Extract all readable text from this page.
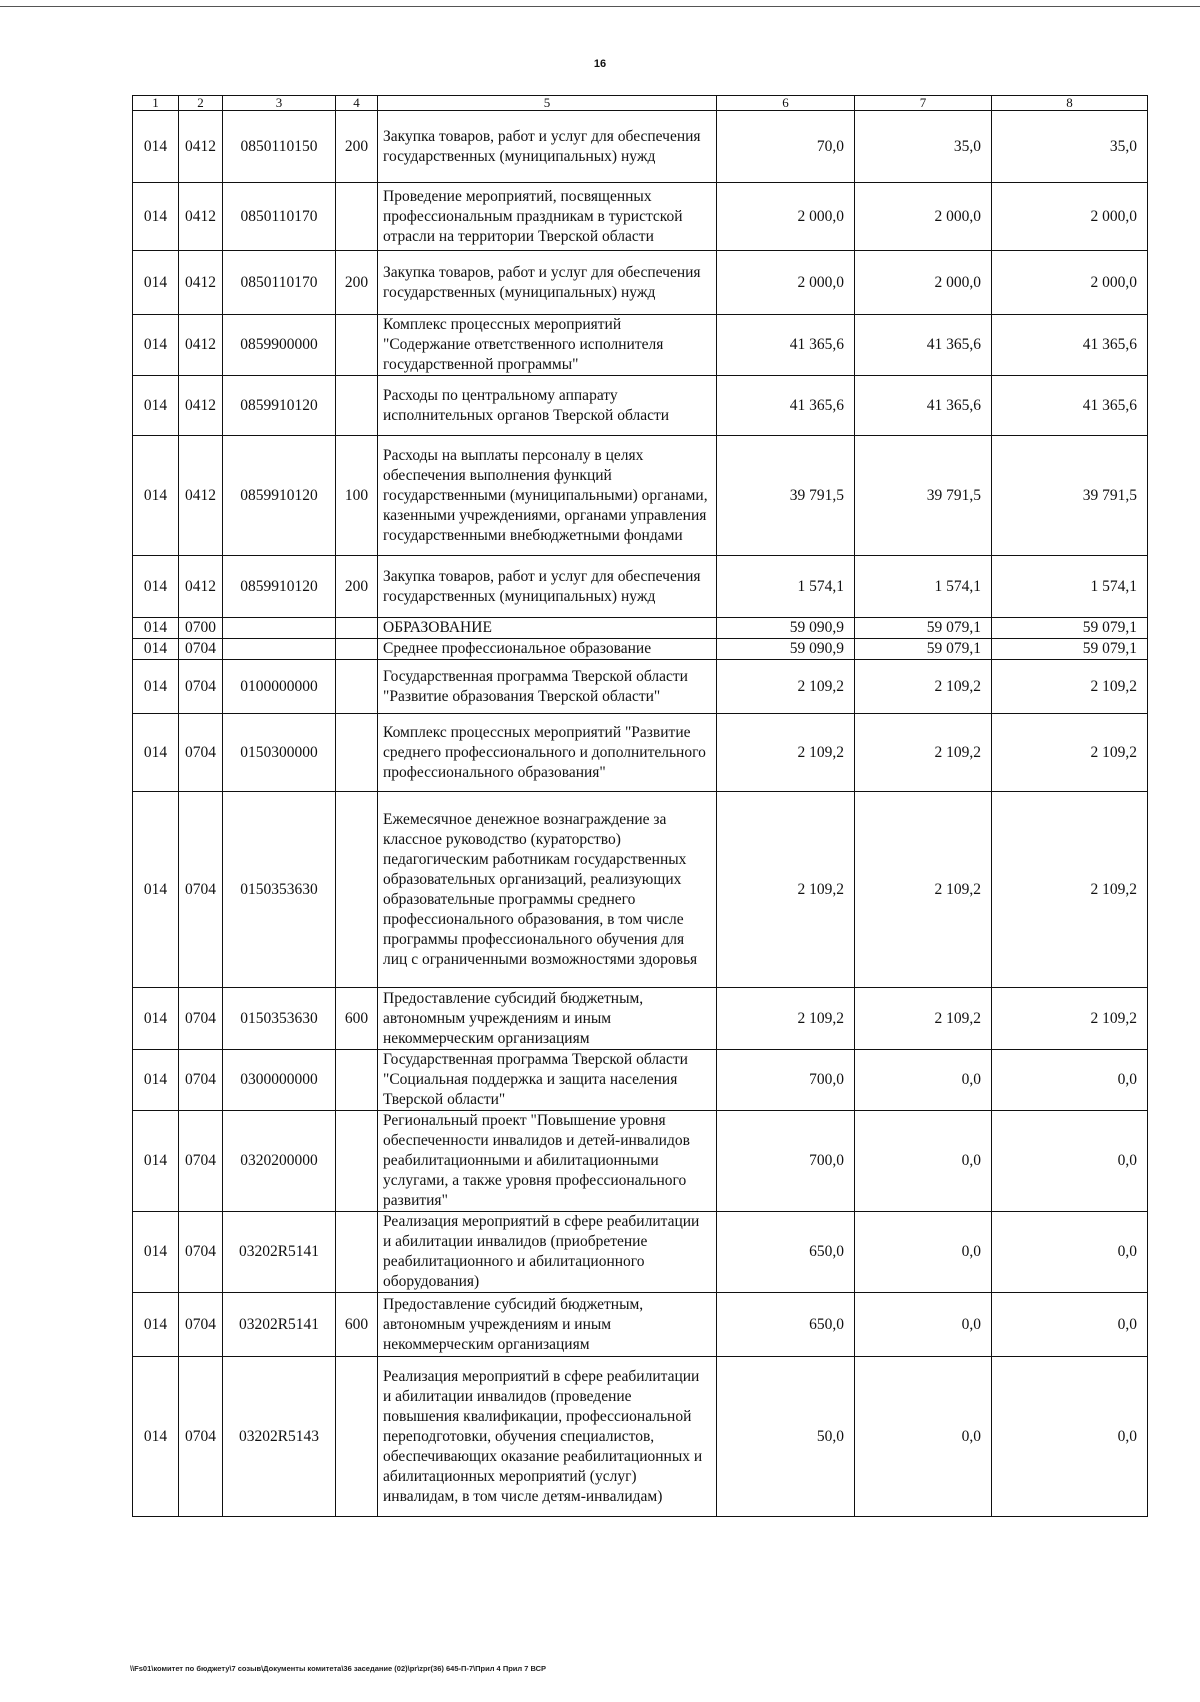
16
1	2	3	4	5	6	7	8
014	0412	0850110150	200	Закупка товаров, работ и услуг для обеспечения государственных (муниципальных) нужд	70,0	35,0	35,0
014	0412	0850110170		Проведение мероприятий, посвященных профессиональным праздникам в туристской отрасли на территории Тверской области	2 000,0	2 000,0	2 000,0
014	0412	0850110170	200	Закупка товаров, работ и услуг для обеспечения государственных (муниципальных) нужд	2 000,0	2 000,0	2 000,0
014	0412	0859900000		Комплекс процессных мероприятий "Содержание ответственного исполнителя государственной программы"	41 365,6	41 365,6	41 365,6
014	0412	0859910120		Расходы по центральному аппарату исполнительных органов Тверской области	41 365,6	41 365,6	41 365,6
014	0412	0859910120	100	Расходы на выплаты персоналу в целях обеспечения выполнения функций государственными (муниципальными) органами, казенными учреждениями, органами управления государственными внебюджетными фондами	39 791,5	39 791,5	39 791,5
014	0412	0859910120	200	Закупка товаров, работ и услуг для обеспечения государственных (муниципальных) нужд	1 574,1	1 574,1	1 574,1
014	0700			ОБРАЗОВАНИЕ	59 090,9	59 079,1	59 079,1
014	0704			Среднее профессиональное образование	59 090,9	59 079,1	59 079,1
014	0704	0100000000		Государственная программа Тверской области "Развитие образования Тверской области"	2 109,2	2 109,2	2 109,2
014	0704	0150300000		Комплекс процессных мероприятий "Развитие среднего профессионального и дополнительного профессионального образования"	2 109,2	2 109,2	2 109,2
014	0704	0150353630		Ежемесячное денежное вознаграждение за классное руководство (кураторство) педагогическим работникам государственных образовательных организаций, реализующих образовательные программы среднего профессионального образования, в том числе программы профессионального обучения для лиц с ограниченными возможностями здоровья	2 109,2	2 109,2	2 109,2
014	0704	0150353630	600	Предоставление субсидий бюджетным, автономным учреждениям и иным некоммерческим организациям	2 109,2	2 109,2	2 109,2
014	0704	0300000000		Государственная программа Тверской области "Социальная поддержка и защита населения Тверской области"	700,0	0,0	0,0
014	0704	0320200000		Региональный проект "Повышение уровня обеспеченности инвалидов и детей-инвалидов реабилитационными и абилитационными услугами, а также уровня профессионального развития"	700,0	0,0	0,0
014	0704	03202R5141		Реализация мероприятий в сфере реабилитации и абилитации инвалидов (приобретение реабилитационного и абилитационного оборудования)	650,0	0,0	0,0
014	0704	03202R5141	600	Предоставление субсидий бюджетным, автономным учреждениям и иным некоммерческим организациям	650,0	0,0	0,0
014	0704	03202R5143		Реализация мероприятий в сфере реабилитации и абилитации инвалидов (проведение повышения квалификации, профессиональной переподготовки, обучения специалистов, обеспечивающих оказание реабилитационных и абилитационных мероприятий (услуг) инвалидам, в том числе детям-инвалидам)	50,0	0,0	0,0
\\Fs01\комитет по бюджету\7 созыв\Документы комитета\36 заседание (02)\pr\zpr(36) 645-П-7\Прил 4 Прил 7 ВСР
